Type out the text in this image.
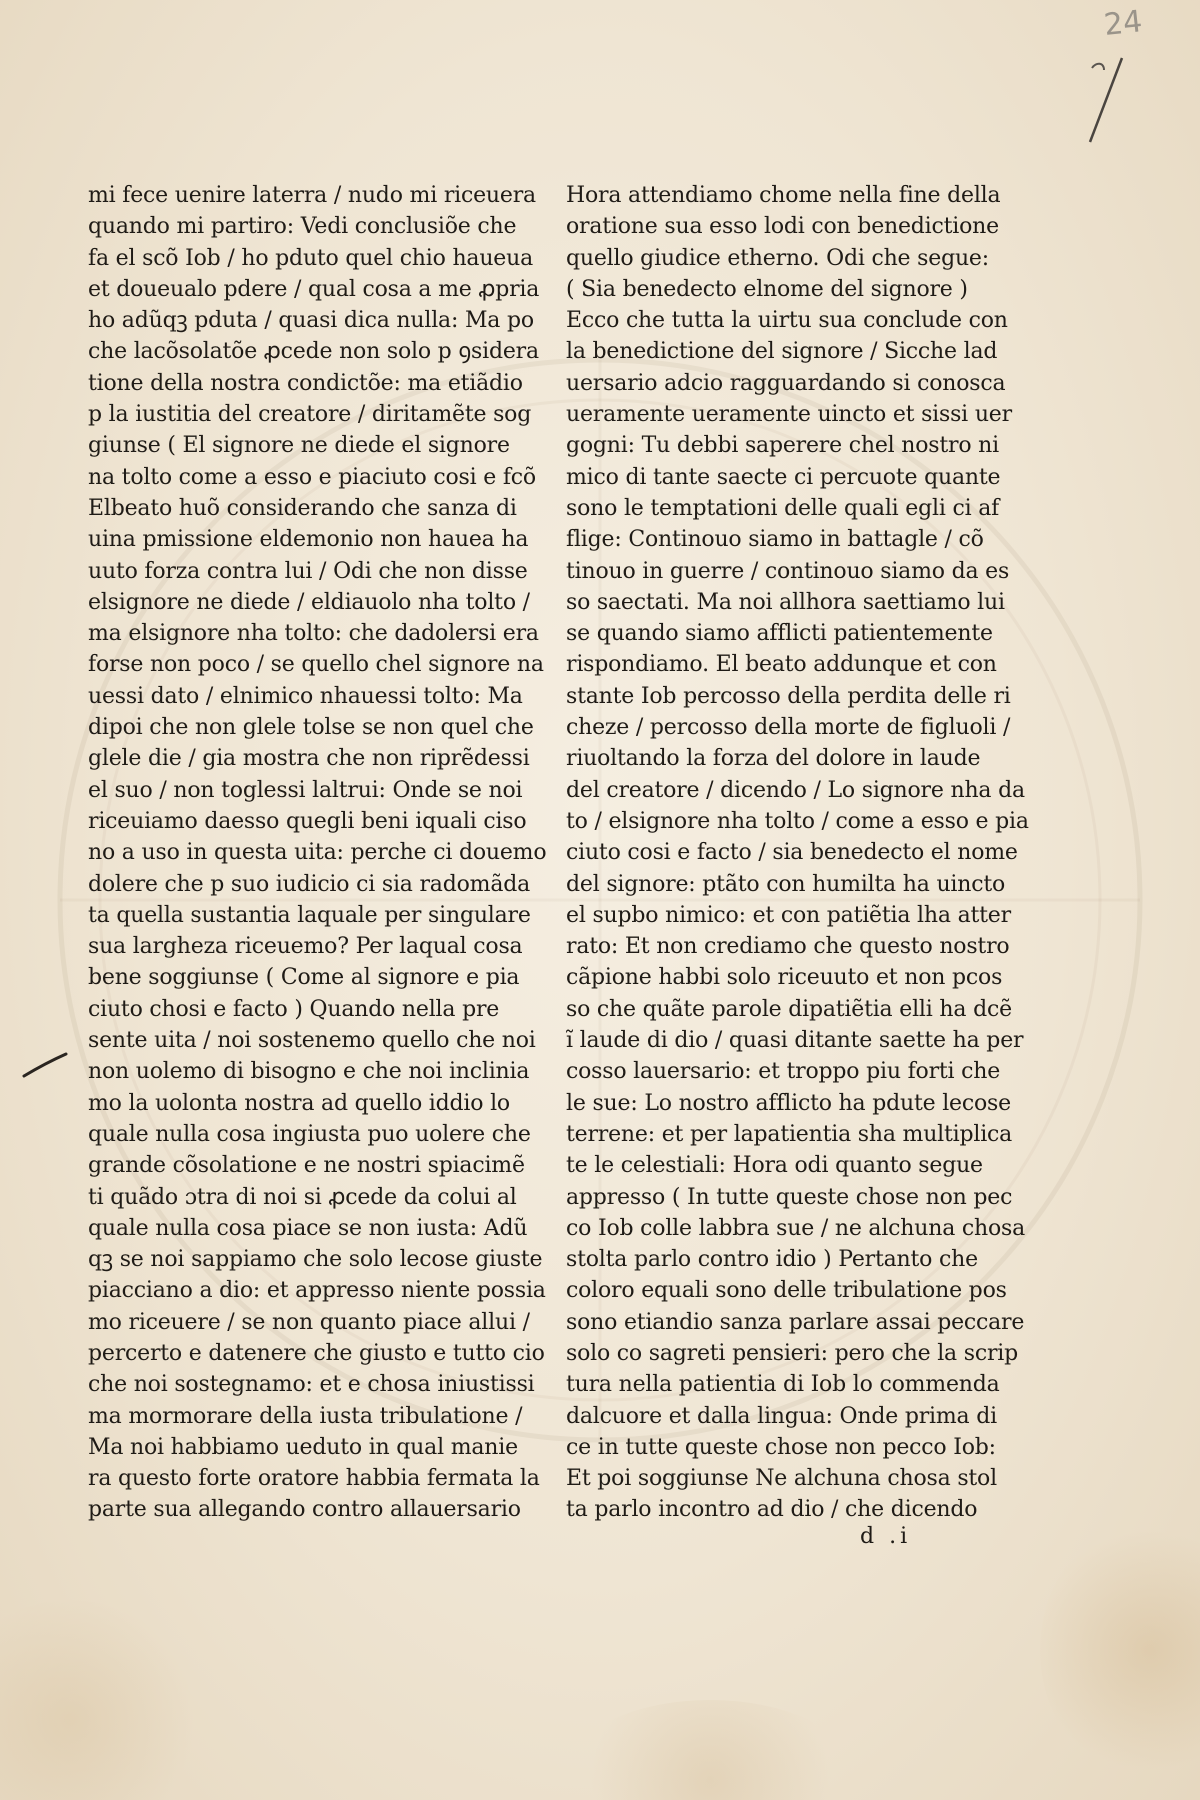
24
mi fece uenire laterra / nudo mi riceuera
quando mi partiro: Vedi conclusiõe che
fa el scõ Iob / ho pduto quel chio haueua
et doueualo pdere / qual cosa a me ꝓpria
ho adũqꝫ pduta / quasi dica nulla: Ma po
che lacõsolatõe ꝓcede non solo p ꝯsidera
tione della nostra condictõe: ma etiãdio
p la iustitia del creatore / diritamẽte sog
giunse ( El signore ne diede el signore
na tolto come a esso e piaciuto cosi e fcõ
Elbeato huõ considerando che sanza di
uina pmissione eldemonio non hauea ha
uuto forza contra lui / Odi che non disse
elsignore ne diede / eldiauolo nha tolto /
ma elsignore nha tolto: che dadolersi era
forse non poco / se quello chel signore na
uessi dato / elnimico nhauessi tolto: Ma
dipoi che non glele tolse se non quel che
glele die / gia mostra che non riprẽdessi
el suo / non toglessi laltrui: Onde se noi
riceuiamo daesso quegli beni iquali ciso
no a uso in questa uita: perche ci douemo
dolere che p suo iudicio ci sia radomãda
ta quella sustantia laquale per singulare
sua largheza riceuemo? Per laqual cosa
bene soggiunse ( Come al signore e pia
ciuto chosi e facto ) Quando nella pre
sente uita / noi sostenemo quello che noi
non uolemo di bisogno e che noi inclinia
mo la uolonta nostra ad quello iddio lo
quale nulla cosa ingiusta puo uolere che
grande cõsolatione e ne nostri spiacimẽ
ti quãdo ɔtra di noi si ꝓcede da colui al
quale nulla cosa piace se non iusta: Adũ
qꝫ se noi sappiamo che solo lecose giuste
piacciano a dio: et appresso niente possia
mo riceuere / se non quanto piace allui /
percerto e datenere che giusto e tutto cio
che noi sostegnamo: et e chosa iniustissi
ma mormorare della iusta tribulatione /
Ma noi habbiamo ueduto in qual manie
ra questo forte oratore habbia fermata la
parte sua allegando contro allauersario
Hora attendiamo chome nella fine della
oratione sua esso lodi con benedictione
quello giudice etherno. Odi che segue:
( Sia benedecto elnome del signore )
Ecco che tutta la uirtu sua conclude con
la benedictione del signore / Sicche lad
uersario adcio ragguardando si conosca
ueramente ueramente uincto et sissi uer
gogni: Tu debbi saperere chel nostro ni
mico di tante saecte ci percuote quante
sono le temptationi delle quali egli ci af
flige: Continouo siamo in battagle / cõ
tinouo in guerre / continouo siamo da es
so saectati. Ma noi allhora saettiamo lui
se quando siamo afflicti patientemente
rispondiamo. El beato addunque et con
stante Iob percosso della perdita delle ri
cheze / percosso della morte de figluoli /
riuoltando la forza del dolore in laude
del creatore / dicendo / Lo signore nha da
to / elsignore nha tolto / come a esso e pia
ciuto cosi e facto / sia benedecto el nome
del signore: ptãto con humilta ha uincto
el supbo nimico: et con patiẽtia lha atter
rato: Et non crediamo che questo nostro
cãpione habbi solo riceuuto et non pcos
so che quãte parole dipatiẽtia elli ha dcẽ
ĩ laude di dio / quasi ditante saette ha per
cosso lauersario: et troppo piu forti che
le sue: Lo nostro afflicto ha pdute lecose
terrene: et per lapatientia sha multiplica
te le celestiali: Hora odi quanto segue
appresso ( In tutte queste chose non pec
co Iob colle labbra sue / ne alchuna chosa
stolta parlo contro idio ) Pertanto che
coloro equali sono delle tribulatione pos
sono etiandio sanza parlare assai peccare
solo co sagreti pensieri: pero che la scrip
tura nella patientia di Iob lo commenda
dalcuore et dalla lingua: Onde prima di
ce in tutte queste chose non pecco Iob:
Et poi soggiunse Ne alchuna chosa stol
ta parlo incontro ad dio / che dicendo
d .i
